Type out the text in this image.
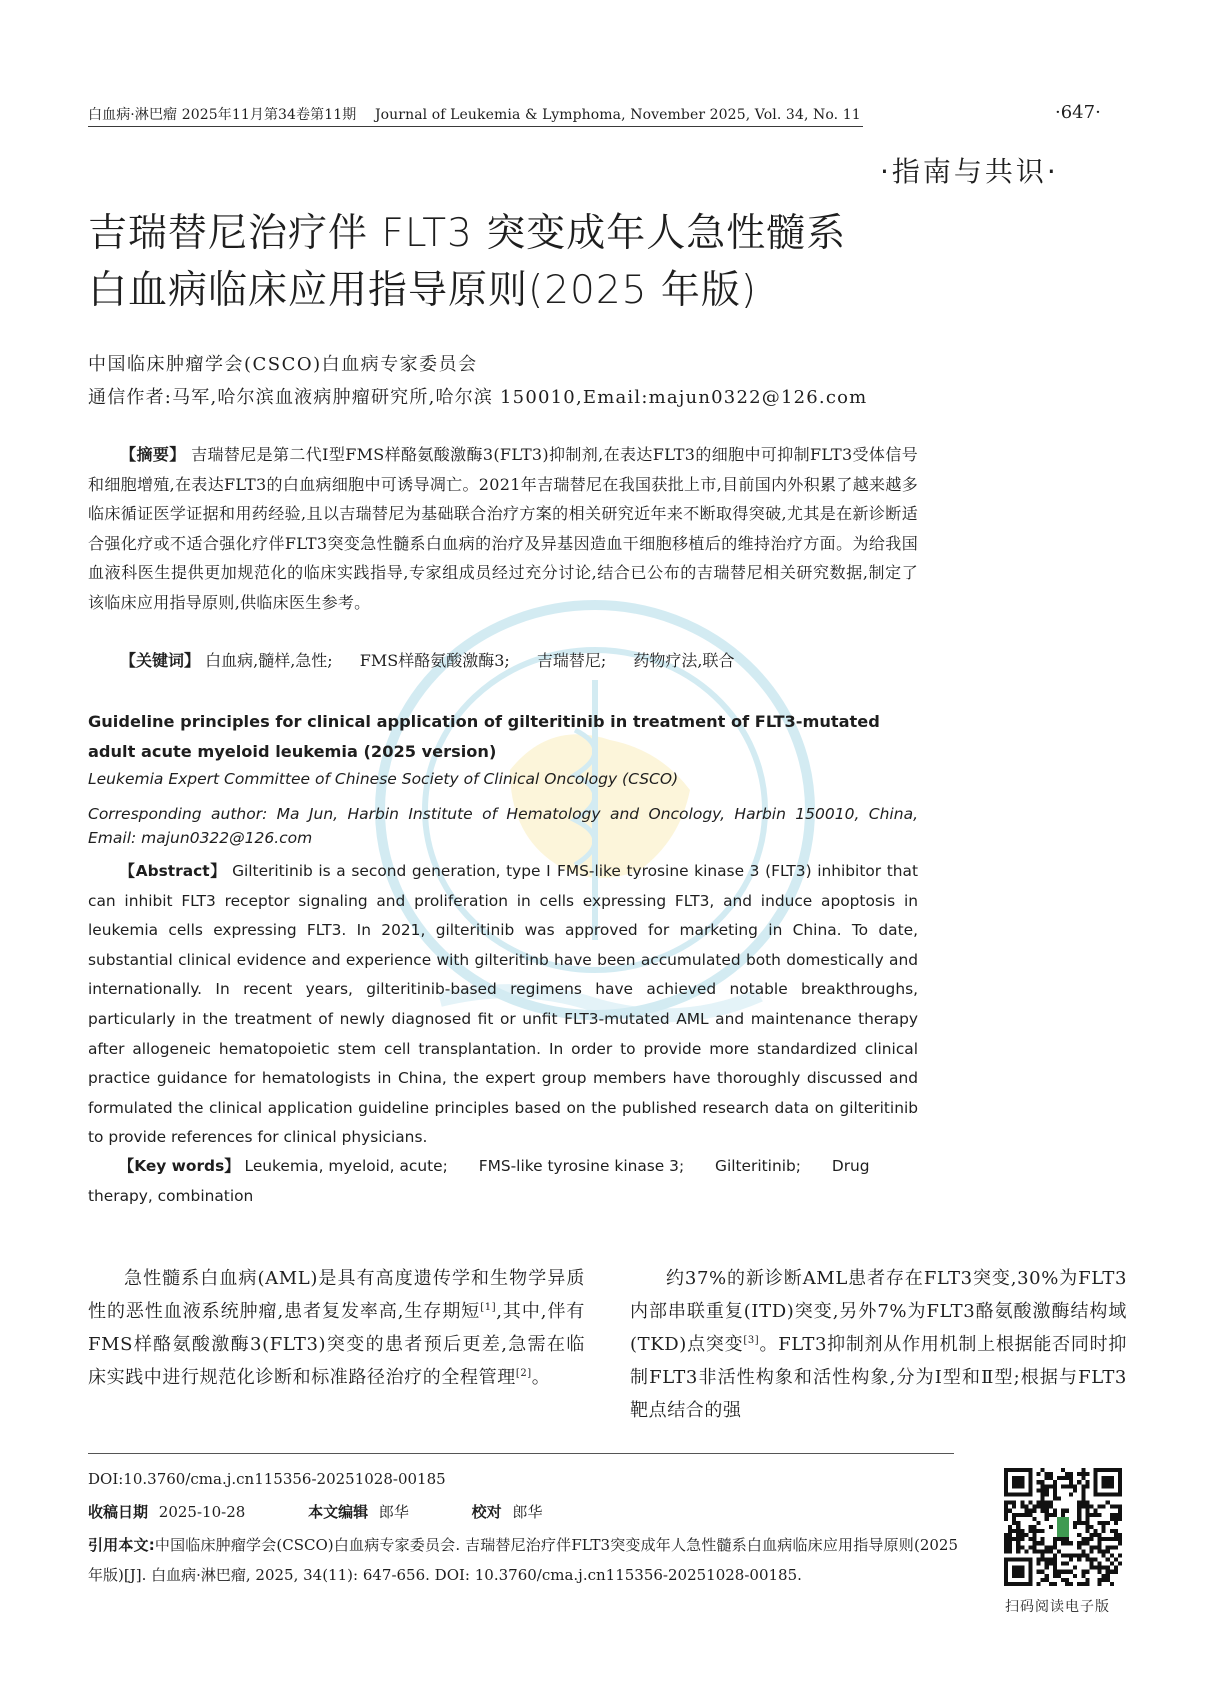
白血病·淋巴瘤 2025年11月第34卷第11期 Journal of Leukemia & Lymphoma, November 2025, Vol. 34, No. 11	·647·
·指南与共识·
吉瑞替尼治疗伴 FLT3 突变成年人急性髓系
白血病临床应用指导原则(2025 年版)
中国临床肿瘤学会(CSCO)白血病专家委员会
通信作者:马军,哈尔滨血液病肿瘤研究所,哈尔滨 150010,Email:majun0322@126.com
【摘要】 吉瑞替尼是第二代Ⅰ型FMS样酪氨酸激酶3(FLT3)抑制剂,在表达FLT3的细胞中可抑制FLT3受体信号和细胞增殖,在表达FLT3的白血病细胞中可诱导凋亡。2021年吉瑞替尼在我国获批上市,目前国内外积累了越来越多临床循证医学证据和用药经验,且以吉瑞替尼为基础联合治疗方案的相关研究近年来不断取得突破,尤其是在新诊断适合强化疗或不适合强化疗伴FLT3突变急性髓系白血病的治疗及异基因造血干细胞移植后的维持治疗方面。为给我国血液科医生提供更加规范化的临床实践指导,专家组成员经过充分讨论,结合已公布的吉瑞替尼相关研究数据,制定了该临床应用指导原则,供临床医生参考。
【关键词】 白血病,髓样,急性; FMS样酪氨酸激酶3; 吉瑞替尼; 药物疗法,联合
Guideline principles for clinical application of gilteritinib in treatment of FLT3-mutated adult acute myeloid leukemia (2025 version)
Leukemia Expert Committee of Chinese Society of Clinical Oncology (CSCO)
Corresponding author: Ma Jun, Harbin Institute of Hematology and Oncology, Harbin 150010, China,
Email: majun0322@126.com
【Abstract】 Gilteritinib is a second generation, type Ⅰ FMS-like tyrosine kinase 3 (FLT3) inhibitor that can inhibit FLT3 receptor signaling and proliferation in cells expressing FLT3, and induce apoptosis in leukemia cells expressing FLT3. In 2021, gilteritinib was approved for marketing in China. To date, substantial clinical evidence and experience with gilteritinb have been accumulated both domestically and internationally. In recent years, gilteritinib-based regimens have achieved notable breakthroughs, particularly in the treatment of newly diagnosed fit or unfit FLT3-mutated AML and maintenance therapy after allogeneic hematopoietic stem cell transplantation. In order to provide more standardized clinical practice guidance for hematologists in China, the expert group members have thoroughly discussed and formulated the clinical application guideline principles based on the published research data on gilteritinib to provide references for clinical physicians.
【Key words】 Leukemia, myeloid, acute; FMS-like tyrosine kinase 3; Gilteritinib; Drug therapy, combination

急性髓系白血病(AML)是具有高度遗传学和生物学异质性的恶性血液系统肿瘤,患者复发率高,生存期短[1],其中,伴有FMS样酪氨酸激酶3(FLT3)突变的患者预后更差,急需在临床实践中进行规范化诊断和标准路径治疗的全程管理[2]。

约37%的新诊断AML患者存在FLT3突变,30%为FLT3内部串联重复(ITD)突变,另外7%为FLT3酪氨酸激酶结构域(TKD)点突变[3]。FLT3抑制剂从作用机制上根据能否同时抑制FLT3非活性构象和活性构象,分为Ⅰ型和Ⅱ型;根据与FLT3靶点结合的强

DOI:10.3760/cma.j.cn115356-20251028-00185
收稿日期 2025-10-28	本文编辑 郎华	校对 郎华
引用本文:中国临床肿瘤学会(CSCO)白血病专家委员会. 吉瑞替尼治疗伴FLT3突变成年人急性髓系白血病临床应用指导原则(2025年版)[J]. 白血病·淋巴瘤, 2025, 34(11): 647-656. DOI: 10.3760/cma.j.cn115356-20251028-00185.
扫码阅读电子版
